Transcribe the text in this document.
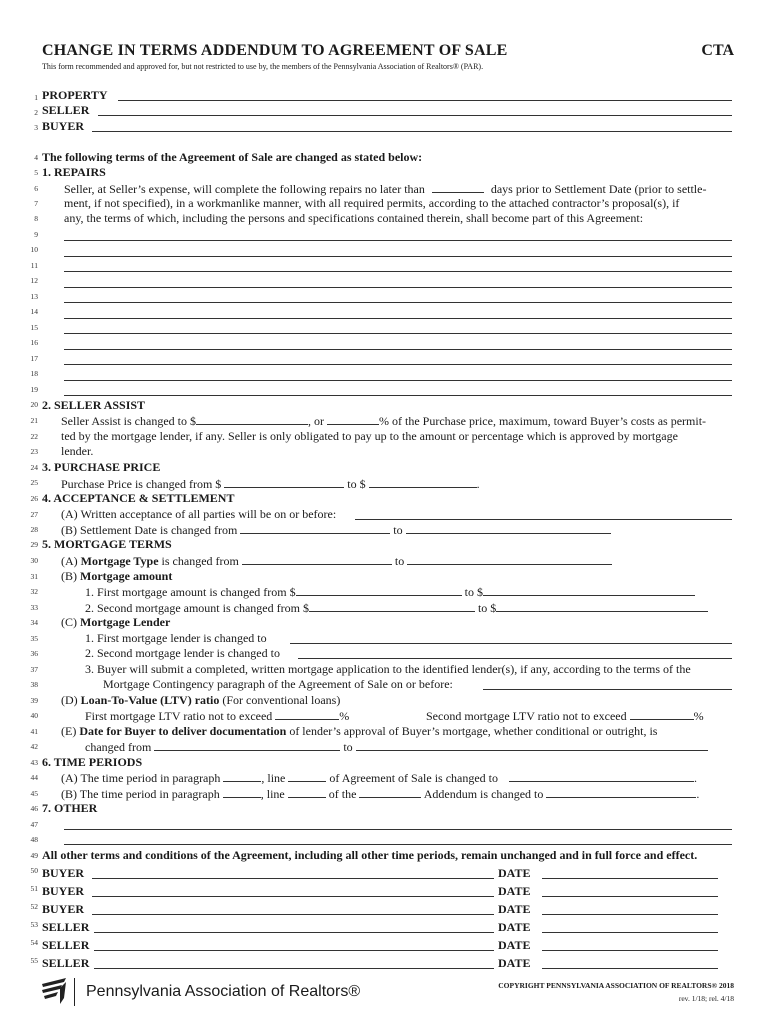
CHANGE IN TERMS ADDENDUM TO AGREEMENT OF SALE	CTA
This form recommended and approved for, but not restricted to use by, the members of the Pennsylvania Association of Realtors® (PAR).
1
2
3
4
5
6
7
8
9
10
11
12
13
14
15
16
17
18
19
20
21
22
23
24
25
26
27
28
29
30
31
32
33
34
35
36
37
38
39
40
41
42
43
44
45
46
47
48
49
50
51
52
53
54
55
PROPERTY
SELLER
BUYER
The following terms of the Agreement of Sale are changed as stated below:
1. REPAIRS
Seller, at Seller’s expense, will complete the following repairs no later than	days prior to Settlement Date (prior to settle-
ment, if not specified), in a workmanlike manner, with all required permits, according to the attached contractor’s proposal(s), if
any, the terms of which, including the persons and specifications contained therein, shall become part of this Agreement:
2. SELLER ASSIST
Seller Assist is changed to $	, or	% of the Purchase price, maximum, toward Buyer’s costs as permit-
ted by the mortgage lender, if any. Seller is only obligated to pay up to the amount or percentage which is approved by mortgage
lender.
3. PURCHASE PRICE
Purchase Price is changed from $	to $	.
4. ACCEPTANCE & SETTLEMENT
(A) Written acceptance of all parties will be on or before:
(B) Settlement Date is changed from	to
5. MORTGAGE TERMS
(A) Mortgage Type is changed from	to
(B) Mortgage amount
1. First mortgage amount is changed from $	to $
2. Second mortgage amount is changed from $	to $
(C) Mortgage Lender
1. First mortgage lender is changed to
2. Second mortgage lender is changed to
3. Buyer will submit a completed, written mortgage application to the identified lender(s), if any, according to the terms of the
Mortgage Contingency paragraph of the Agreement of Sale on or before:
(D) Loan-To-Value (LTV) ratio (For conventional loans)
First mortgage LTV ratio not to exceed	%	Second mortgage LTV ratio not to exceed	%
(E) Date for Buyer to deliver documentation of lender’s approval of Buyer’s mortgage, whether conditional or outright, is
changed from	to
6. TIME PERIODS
(A) The time period in paragraph	, line	of Agreement of Sale is changed to	.
(B) The time period in paragraph	, line	of the	Addendum is changed to	.
7. OTHER
All other terms and conditions of the Agreement, including all other time periods, remain unchanged and in full force and effect.
BUYER	DATE
BUYER	DATE
BUYER	DATE
SELLER	DATE
SELLER	DATE
SELLER	DATE
Pennsylvania Association of Realtors®	COPYRIGHT PENNSYLVANIA ASSOCIATION OF REALTORS® 2018
rev. 1/18; rel. 4/18
